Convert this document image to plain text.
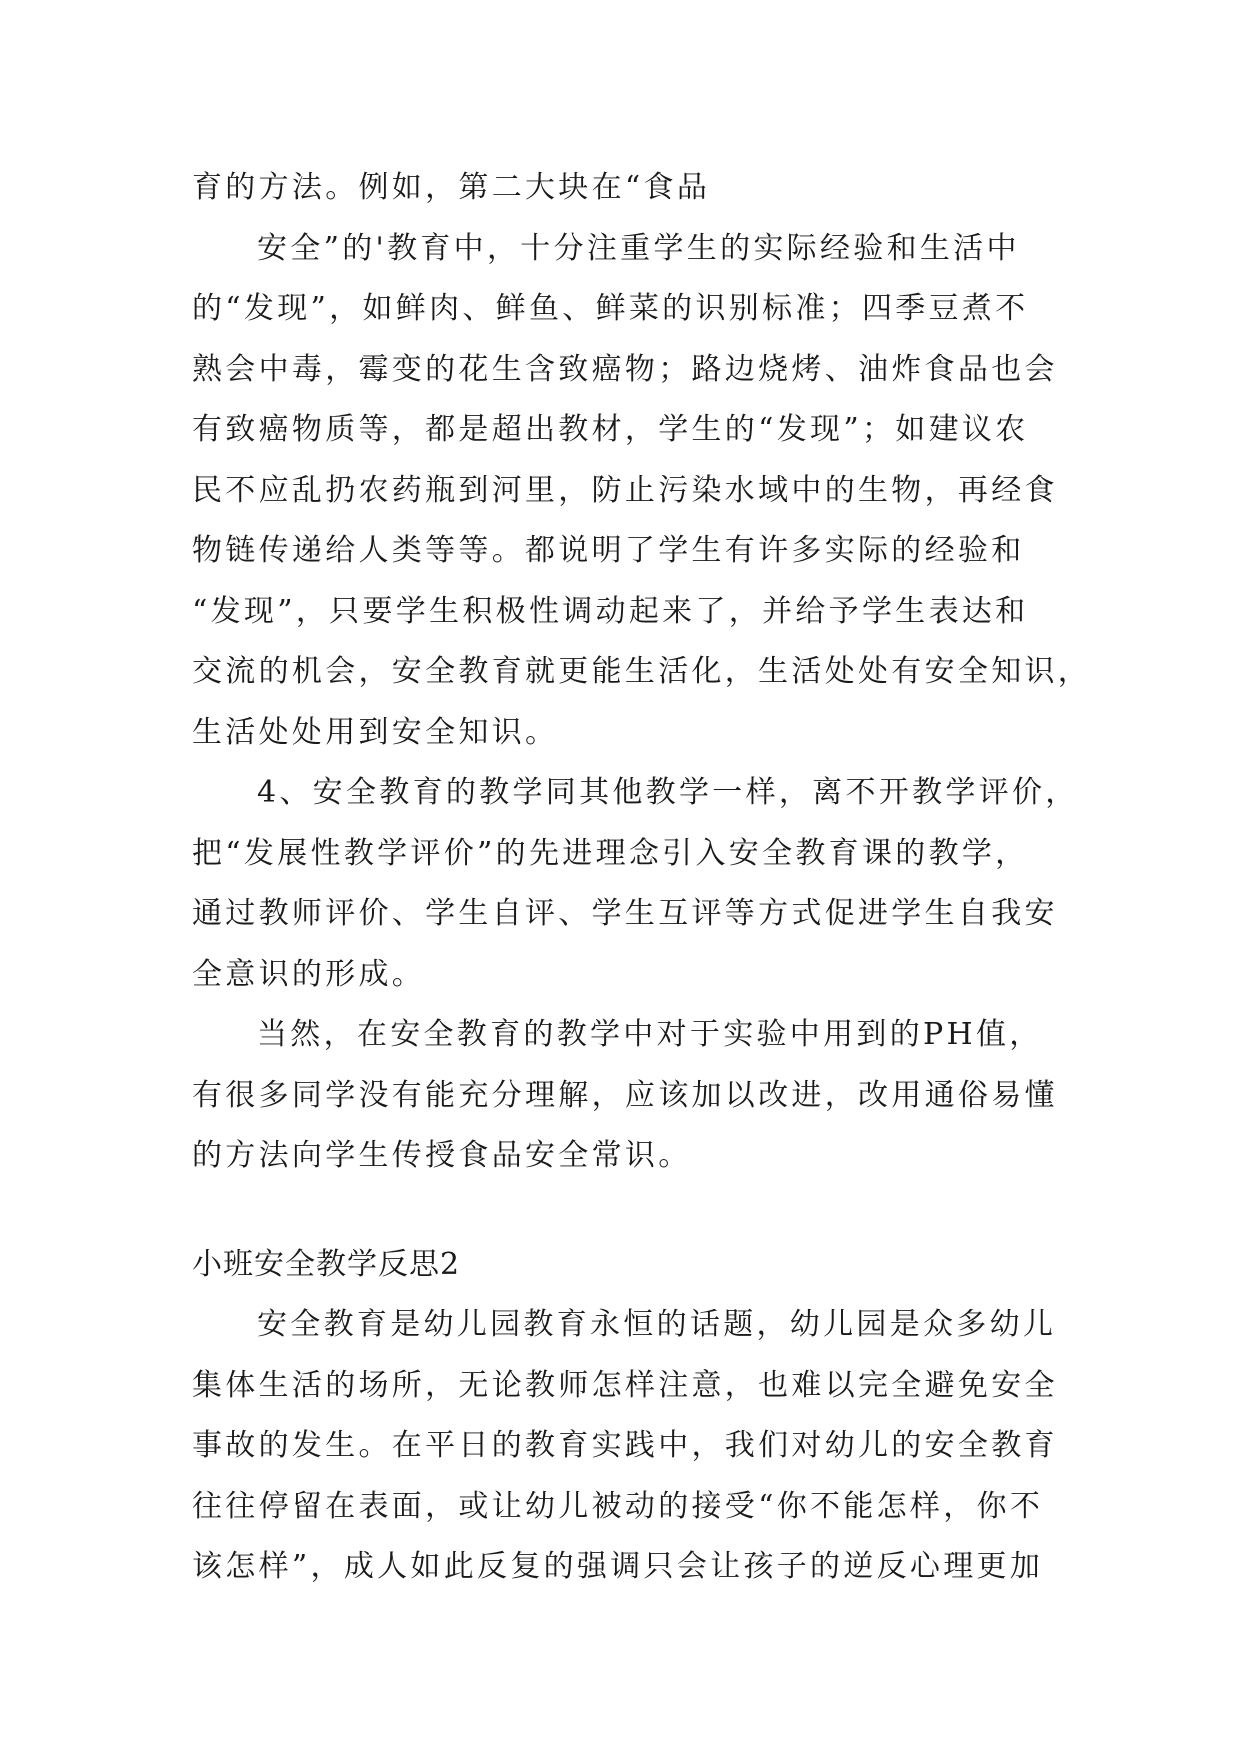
育的方法。例如，第二大块在“食品
安全”的'教育中，十分注重学生的实际经验和生活中
的“发现”，如鲜肉、鲜鱼、鲜菜的识别标准；四季豆煮不
熟会中毒，霉变的花生含致癌物；路边烧烤、油炸食品也会
有致癌物质等，都是超出教材，学生的“发现”；如建议农
民不应乱扔农药瓶到河里，防止污染水域中的生物，再经食
物链传递给人类等等。都说明了学生有许多实际的经验和
“发现”，只要学生积极性调动起来了，并给予学生表达和
交流的机会，安全教育就更能生活化，生活处处有安全知识，
生活处处用到安全知识。
4、安全教育的教学同其他教学一样，离不开教学评价，
把“发展性教学评价”的先进理念引入安全教育课的教学，
通过教师评价、学生自评、学生互评等方式促进学生自我安
全意识的形成。
当然，在安全教育的教学中对于实验中用到的PH值，
有很多同学没有能充分理解，应该加以改进，改用通俗易懂
的方法向学生传授食品安全常识。
小班安全教学反思2
安全教育是幼儿园教育永恒的话题，幼儿园是众多幼儿
集体生活的场所，无论教师怎样注意，也难以完全避免安全
事故的发生。在平日的教育实践中，我们对幼儿的安全教育
往往停留在表面，或让幼儿被动的接受“你不能怎样，你不
该怎样”，成人如此反复的强调只会让孩子的逆反心理更加
